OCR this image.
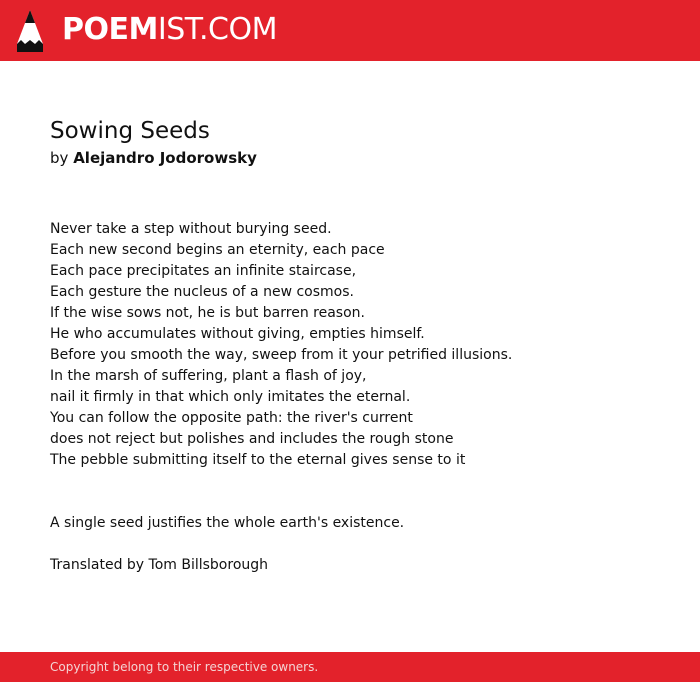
POEMIST.COM
Sowing Seeds

by Alejandro Jodorowsky

Never take a step without burying seed.
Each new second begins an eternity, each pace
Each pace precipitates an infinite staircase,
Each gesture the nucleus of a new cosmos.
If the wise sows not, he is but barren reason.
He who accumulates without giving, empties himself.
Before you smooth the way, sweep from it your petrified illusions.
In the marsh of suffering, plant a flash of joy,
nail it firmly in that which only imitates the eternal.
You can follow the opposite path: the river's current
does not reject but polishes and includes the rough stone
The pebble submitting itself to the eternal gives sense to it
A single seed justifies the whole earth's existence.
Translated by Tom Billsborough
Copyright belong to their respective owners.
